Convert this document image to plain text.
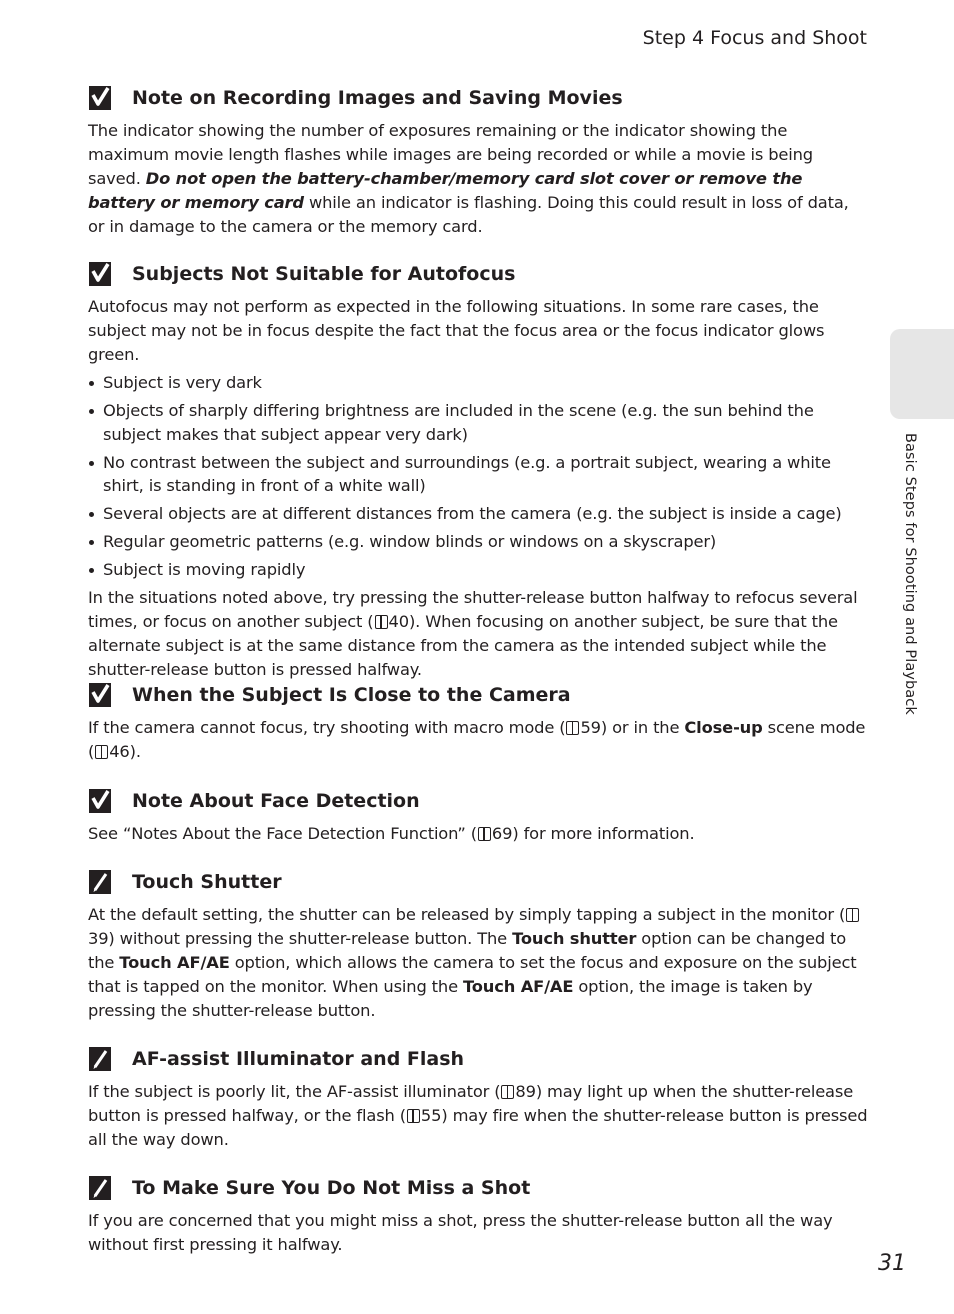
Step 4 Focus and Shoot
Basic Steps for Shooting and Playback
Note on Recording Images and Saving Movies

The indicator showing the number of exposures remaining or the indicator showing the maximum movie length flashes while images are being recorded or while a movie is being saved. Do not open the battery-chamber/memory card slot cover or remove the battery or memory card while an indicator is flashing. Doing this could result in loss of data, or in damage to the camera or the memory card.

Subjects Not Suitable for Autofocus

Autofocus may not perform as expected in the following situations. In some rare cases, the subject may not be in focus despite the fact that the focus area or the focus indicator glows green.

Subject is very dark
Objects of sharply differing brightness are included in the scene (e.g. the sun behind the subject makes that subject appear very dark)
No contrast between the subject and surroundings (e.g. a portrait subject, wearing a white shirt, is standing in front of a white wall)
Several objects are at different distances from the camera (e.g. the subject is inside a cage)
Regular geometric patterns (e.g. window blinds or windows on a skyscraper)
Subject is moving rapidly

In the situations noted above, try pressing the shutter-release button halfway to refocus several times, or focus on another subject ( 40). When focusing on another subject, be sure that the alternate subject is at the same distance from the camera as the intended subject while the shutter-release button is pressed halfway.

When the Subject Is Close to the Camera

If the camera cannot focus, try shooting with macro mode ( 59) or in the Close-up scene mode ( 46).

Note About Face Detection

See “Notes About the Face Detection Function” ( 69) for more information.

Touch Shutter

At the default setting, the shutter can be released by simply tapping a subject in the monitor (39) without pressing the shutter-release button. The Touch shutter option can be changed to the Touch AF/AE option, which allows the camera to set the focus and exposure on the subject that is tapped on the monitor. When using the Touch AF/AE option, the image is taken by pressing the shutter-release button.

AF-assist Illuminator and Flash

If the subject is poorly lit, the AF-assist illuminator ( 89) may light up when the shutter-release button is pressed halfway, or the flash ( 55) may fire when the shutter-release button is pressed all the way down.

To Make Sure You Do Not Miss a Shot

If you are concerned that you might miss a shot, press the shutter-release button all the way without first pressing it halfway.

31
